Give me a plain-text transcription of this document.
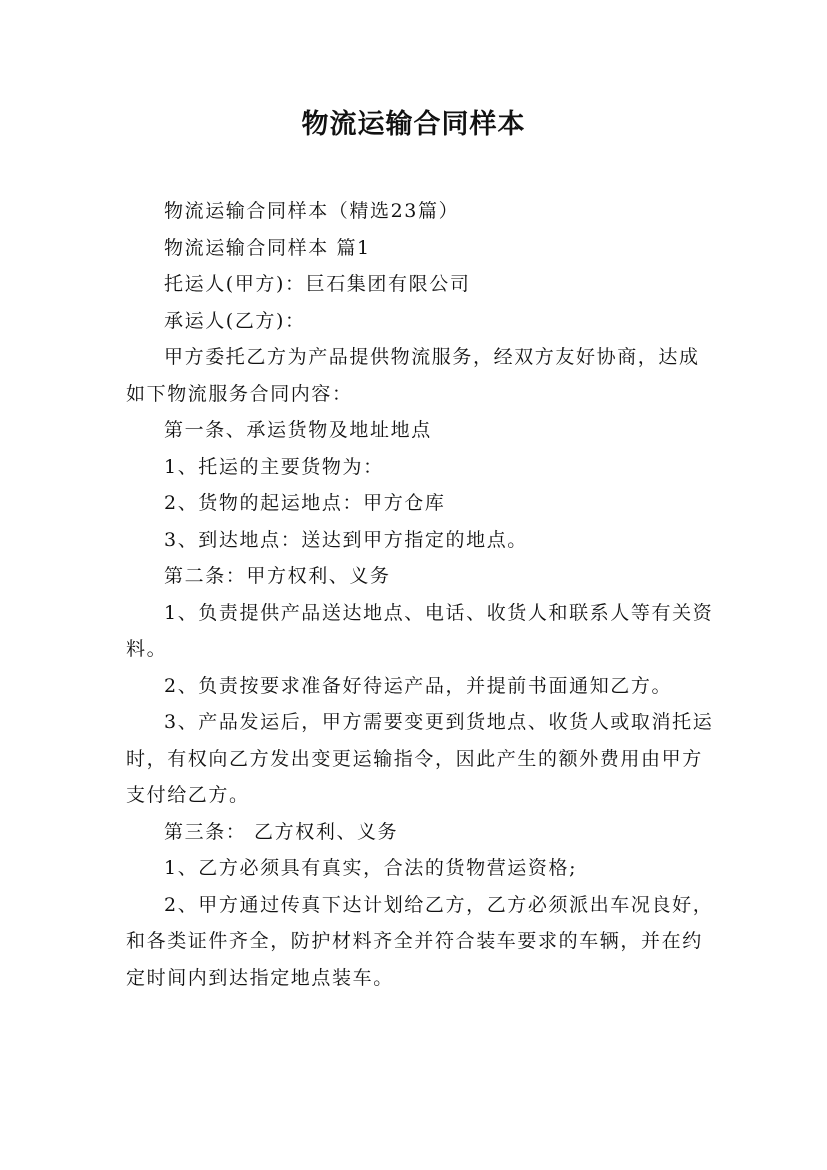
物流运输合同样本

物流运输合同样本（精选23篇）

物流运输合同样本 篇1

托运人(甲方)：巨石集团有限公司

承运人(乙方)：

甲方委托乙方为产品提供物流服务，经双方友好协商，达成如下物流服务合同内容：

第一条、承运货物及地址地点

1、托运的主要货物为：

2、货物的起运地点：甲方仓库

3、到达地点：送达到甲方指定的地点。

第二条：甲方权利、义务

1、负责提供产品送达地点、电话、收货人和联系人等有关资料。

2、负责按要求准备好待运产品，并提前书面通知乙方。

3、产品发运后，甲方需要变更到货地点、收货人或取消托运时，有权向乙方发出变更运输指令，因此产生的额外费用由甲方支付给乙方。

第三条： 乙方权利、义务

1、乙方必须具有真实，合法的货物营运资格;

2、甲方通过传真下达计划给乙方，乙方必须派出车况良好，和各类证件齐全，防护材料齐全并符合装车要求的车辆，并在约定时间内到达指定地点装车。
